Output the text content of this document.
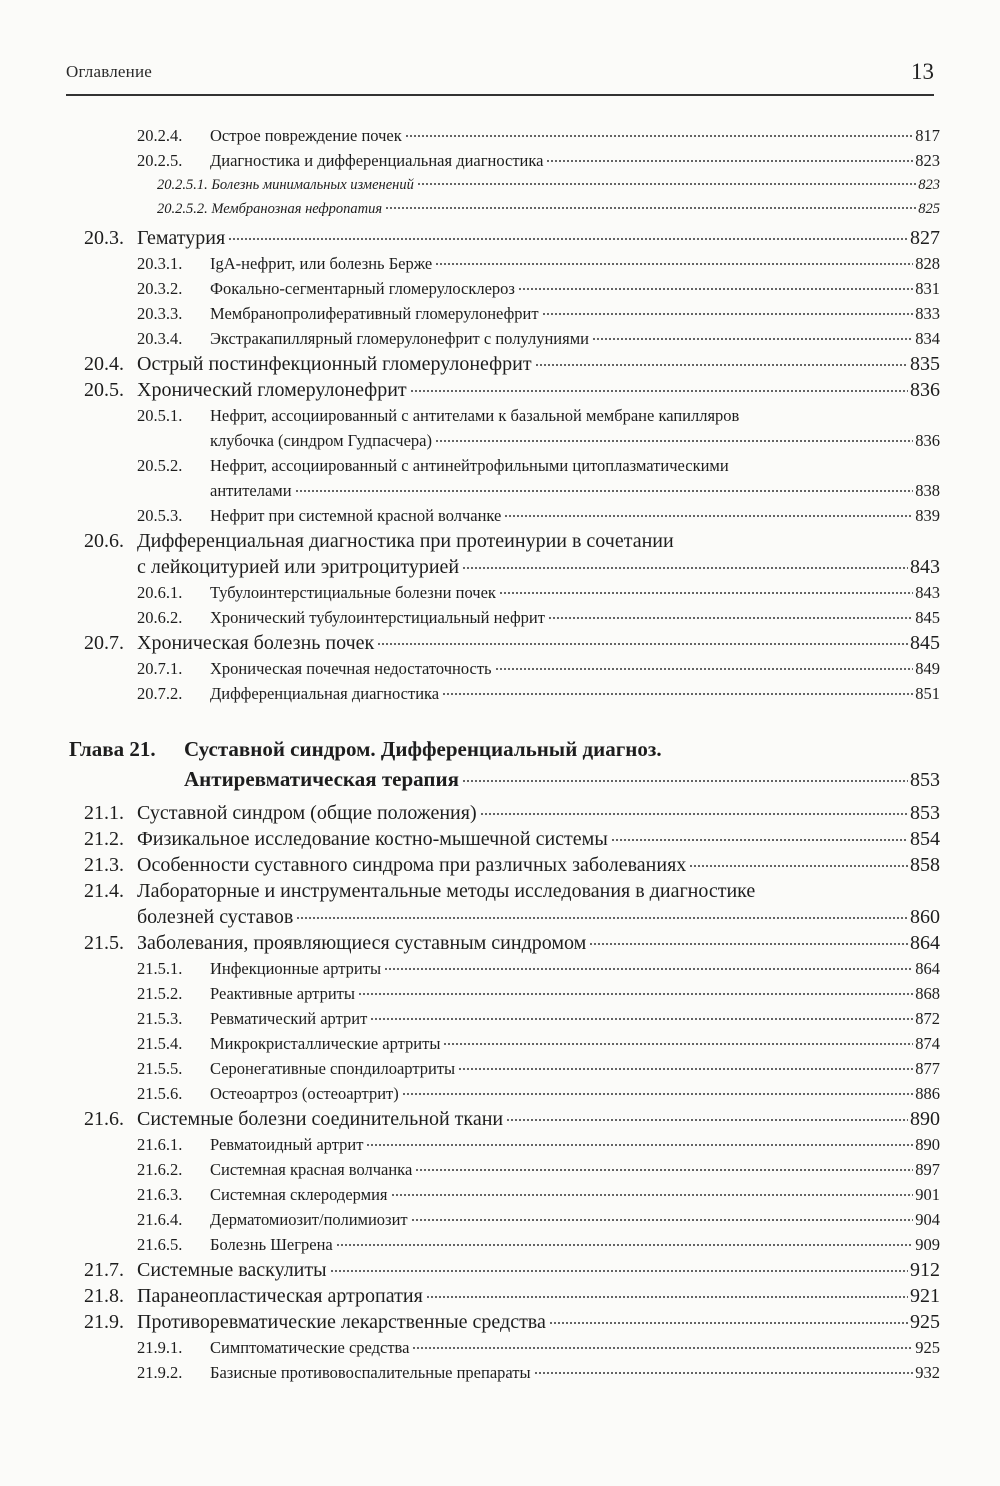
Оглавление	13
20.2.4. Острое повреждение почек	817
20.2.5. Диагностика и дифференциальная диагностика	823
20.2.5.1. Болезнь минимальных изменений	823
20.2.5.2. Мембранозная нефропатия	825
20.3. Гематурия	827
20.3.1. IgA-нефрит, или болезнь Берже	828
20.3.2. Фокально-сегментарный гломерулосклероз	831
20.3.3. Мембранопролиферативный гломерулонефрит	833
20.3.4. Экстракапиллярный гломерулонефрит с полулуниями	834
20.4. Острый постинфекционный гломерулонефрит	835
20.5. Хронический гломерулонефрит	836
20.5.1. Нефрит, ассоциированный с антителами к базальной мембране капилляров
клубочка (синдром Гудпасчера)	836
20.5.2. Нефрит, ассоциированный с антинейтрофильными цитоплазматическими
антителами	838
20.5.3. Нефрит при системной красной волчанке	839
20.6. Дифференциальная диагностика при протеинурии в сочетании
с лейкоцитурией или эритроцитурией	843
20.6.1. Тубулоинтерстициальные болезни почек	843
20.6.2. Хронический тубулоинтерстициальный нефрит	845
20.7. Хроническая болезнь почек	845
20.7.1. Хроническая почечная недостаточность	849
20.7.2. Дифференциальная диагностика	851
Глава 21. Суставной синдром. Дифференциальный диагноз.
Антиревматическая терапия	853
21.1. Суставной синдром (общие положения)	853
21.2. Физикальное исследование костно-мышечной системы	854
21.3. Особенности суставного синдрома при различных заболеваниях	858
21.4. Лабораторные и инструментальные методы исследования в диагностике
болезней суставов	860
21.5. Заболевания, проявляющиеся суставным синдромом	864
21.5.1. Инфекционные артриты	864
21.5.2. Реактивные артриты	868
21.5.3. Ревматический артрит	872
21.5.4. Микрокристаллические артриты	874
21.5.5. Серонегативные спондилоартриты	877
21.5.6. Остеоартроз (остеоартрит)	886
21.6. Системные болезни соединительной ткани	890
21.6.1. Ревматоидный артрит	890
21.6.2. Системная красная волчанка	897
21.6.3. Системная склеродермия	901
21.6.4. Дерматомиозит/полимиозит	904
21.6.5. Болезнь Шегрена	909
21.7. Системные васкулиты	912
21.8. Паранеопластическая артропатия	921
21.9. Противоревматические лекарственные средства	925
21.9.1. Симптоматические средства	925
21.9.2. Базисные противовоспалительные препараты	932
